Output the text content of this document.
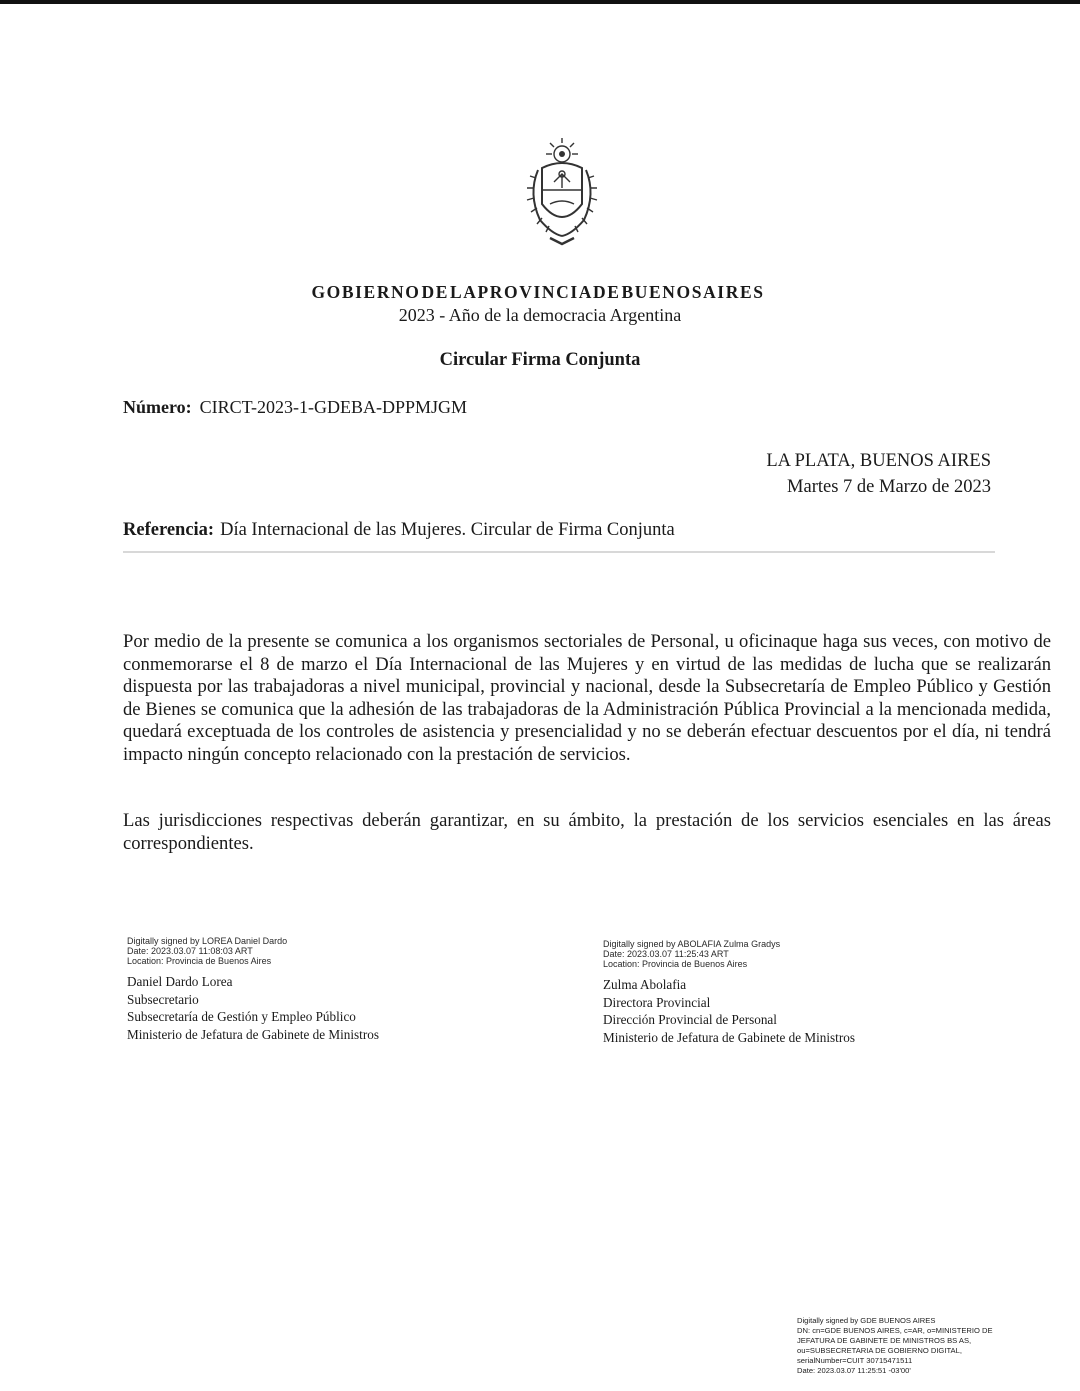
GOBIERNO DE LA PROVINCIA DE BUENOS AIRES
2023 - Año de la democracia Argentina
Circular Firma Conjunta
Número: CIRCT-2023-1-GDEBA-DPPMJGM
LA PLATA, BUENOS AIRES
Martes 7 de Marzo de 2023
Referencia: Día Internacional de las Mujeres. Circular de Firma Conjunta
Por medio de la presente se comunica a los organismos sectoriales de Personal, u oficinaque haga sus veces, con motivo de conmemorarse el 8 de marzo el Día Internacional de las Mujeres y en virtud de las medidas de lucha que se realizarán dispuesta por las trabajadoras a nivel municipal, provincial y nacional, desde la Subsecretaría de Empleo Público y Gestión de Bienes se comunica que la adhesión de las trabajadoras de la Administración Pública Provincial a la mencionada medida, quedará exceptuada de los controles de asistencia y presencialidad y no se deberán efectuar descuentos por el día, ni tendrá impacto ningún concepto relacionado con la prestación de servicios.
Las jurisdicciones respectivas deberán garantizar, en su ámbito, la prestación de los servicios esenciales en las áreas correspondientes.
Digitally signed by LOREA Daniel Dardo
Date: 2023.03.07 11:08:03 ART
Location: Provincia de Buenos Aires
Daniel Dardo Lorea
Subsecretario
Subsecretaría de Gestión y Empleo Público
Ministerio de Jefatura de Gabinete de Ministros
Digitally signed by ABOLAFIA Zulma Gradys
Date: 2023.03.07 11:25:43 ART
Location: Provincia de Buenos Aires
Zulma Abolafia
Directora Provincial
Dirección Provincial de Personal
Ministerio de Jefatura de Gabinete de Ministros
Digitally signed by GDE BUENOS AIRES
DN: cn=GDE BUENOS AIRES, c=AR, o=MINISTERIO DE
JEFATURA DE GABINETE DE MINISTROS BS AS,
ou=SUBSECRETARIA DE GOBIERNO DIGITAL,
serialNumber=CUIT 30715471511
Date: 2023.03.07 11:25:51 -03'00'
